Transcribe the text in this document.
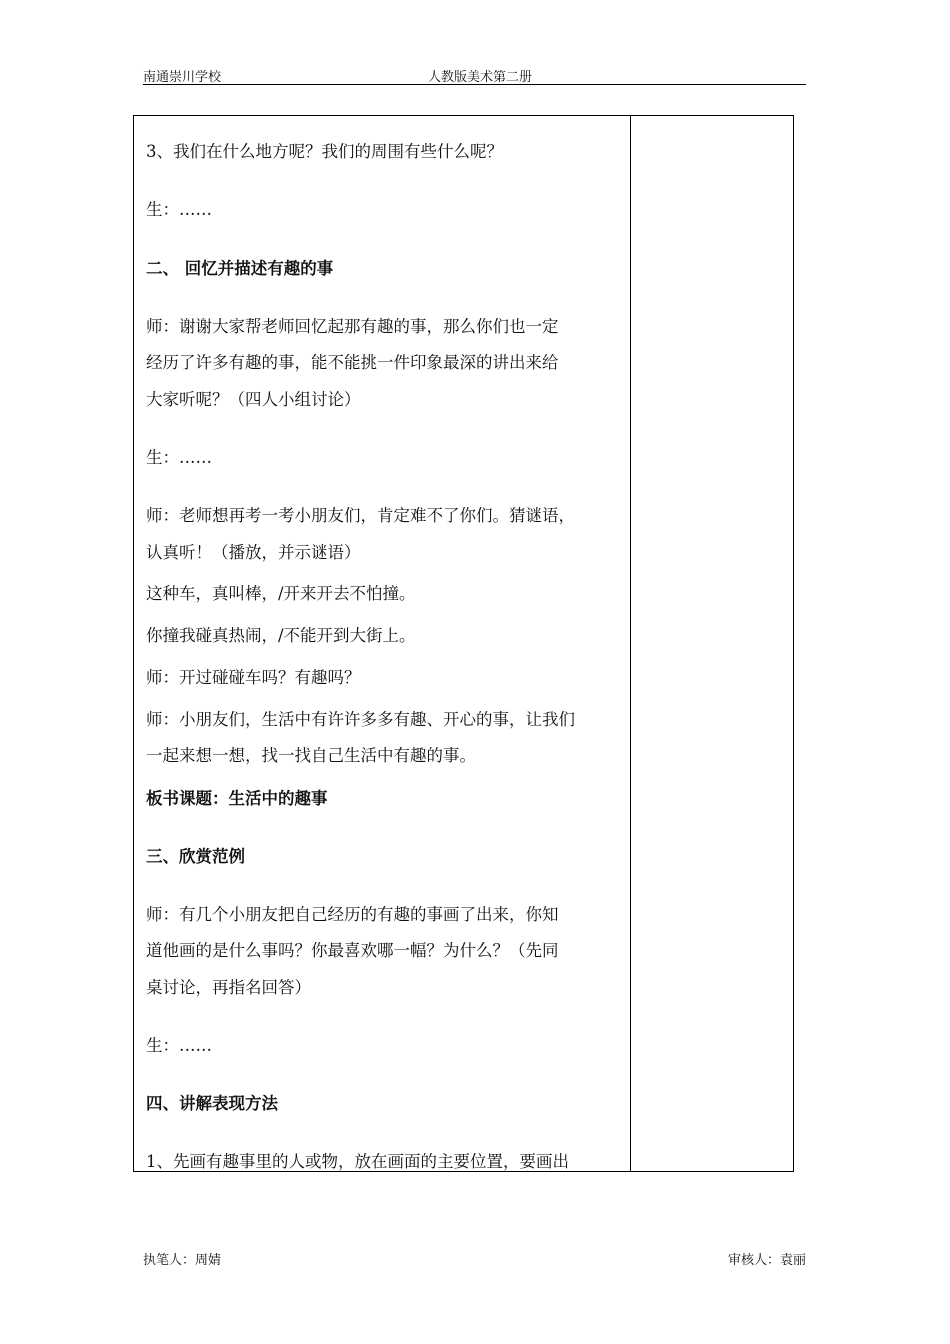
南通崇川学校	人教版美术第二册
3、我们在什么地方呢？我们的周围有些什么呢？
生：……
二、 回忆并描述有趣的事
师：谢谢大家帮老师回忆起那有趣的事，那么你们也一定
经历了许多有趣的事，能不能挑一件印象最深的讲出来给
大家听呢？（四人小组讨论）
生：……
师：老师想再考一考小朋友们，肯定难不了你们。猜谜语，
认真听！（播放，并示谜语）
这种车，真叫棒，/开来开去不怕撞。
你撞我碰真热闹，/不能开到大街上。
师：开过碰碰车吗？有趣吗？
师：小朋友们，生活中有许许多多有趣、开心的事，让我们
一起来想一想，找一找自己生活中有趣的事。
板书课题：生活中的趣事
三、欣赏范例
师：有几个小朋友把自己经历的有趣的事画了出来，你知
道他画的是什么事吗？你最喜欢哪一幅？为什么？（先同
桌讨论，再指名回答）
生：……
四、讲解表现方法
1、先画有趣事里的人或物，放在画面的主要位置，要画出
执笔人：周婧	审核人：袁丽
